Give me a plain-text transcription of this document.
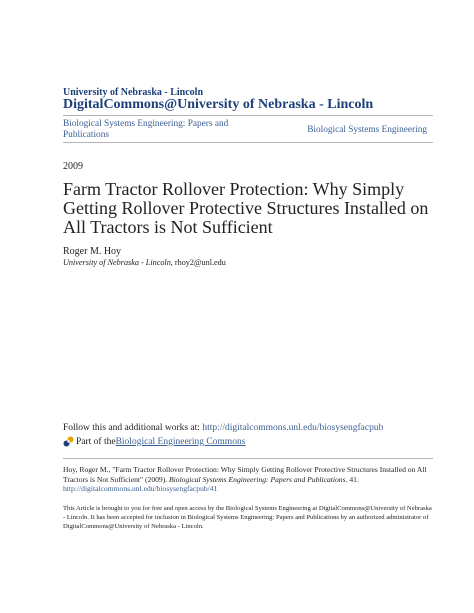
University of Nebraska - Lincoln
DigitalCommons@University of Nebraska - Lincoln
Biological Systems Engineering: Papers and Publications	Biological Systems Engineering
2009
Farm Tractor Rollover Protection: Why Simply Getting Rollover Protective Structures Installed on All Tractors is Not Sufficient
Roger M. Hoy
University of Nebraska - Lincoln, rhoy2@unl.edu
Follow this and additional works at: http://digitalcommons.unl.edu/biosysengfacpub
Part of the Biological Engineering Commons
Hoy, Roger M., "Farm Tractor Rollover Protection: Why Simply Getting Rollover Protective Structures Installed on All Tractors is Not Sufficient" (2009). Biological Systems Engineering: Papers and Publications. 41.
http://digitalcommons.unl.edu/biosysengfacpub/41
This Article is brought to you for free and open access by the Biological Systems Engineering at DigitalCommons@University of Nebraska - Lincoln. It has been accepted for inclusion in Biological Systems Engineering: Papers and Publications by an authorized administrator of DigitalCommons@University of Nebraska - Lincoln.
